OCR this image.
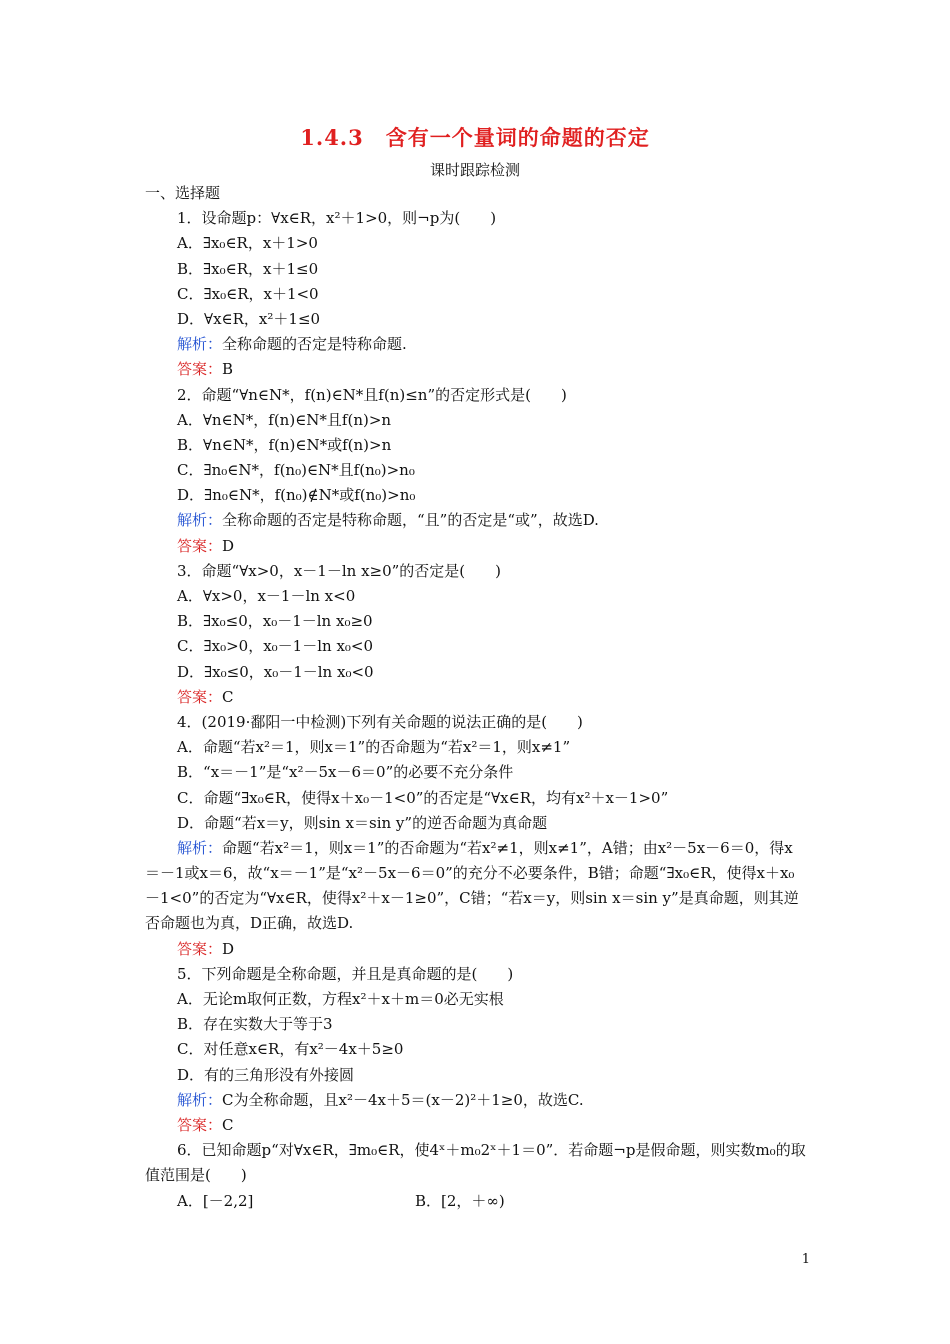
1.4.3　含有一个量词的命题的否定
课时跟踪检测
一、选择题
1．设命题p：∀x∈R，x²＋1>0，则¬p为(　　)
A．∃x₀∈R，x＋1>0
B．∃x₀∈R，x＋1≤0
C．∃x₀∈R，x＋1<0
D．∀x∈R，x²＋1≤0
解析：全称命题的否定是特称命题.
答案：B
2．命题“∀n∈N*，f(n)∈N*且f(n)≤n”的否定形式是(　　)
A．∀n∈N*，f(n)∈N*且f(n)>n
B．∀n∈N*，f(n)∈N*或f(n)>n
C．∃n₀∈N*，f(n₀)∈N*且f(n₀)>n₀
D．∃n₀∈N*，f(n₀)∉N*或f(n₀)>n₀
解析：全称命题的否定是特称命题，“且”的否定是“或”，故选D.
答案：D
3．命题“∀x>0，x－1－ln x≥0”的否定是(　　)
A．∀x>0，x－1－ln x<0
B．∃x₀≤0，x₀－1－ln x₀≥0
C．∃x₀>0，x₀－1－ln x₀<0
D．∃x₀≤0，x₀－1－ln x₀<0
答案：C
4．(2019·鄱阳一中检测)下列有关命题的说法正确的是(　　)
A．命题“若x²＝1，则x＝1”的否命题为“若x²＝1，则x≠1”
B．“x＝－1”是“x²－5x－6＝0”的必要不充分条件
C．命题“∃x₀∈R，使得x＋x₀－1<0”的否定是“∀x∈R，均有x²＋x－1>0”
D．命题“若x＝y，则sin x＝sin y”的逆否命题为真命题
解析：命题“若x²＝1，则x＝1”的否命题为“若x²≠1，则x≠1”，A错；由x²－5x－6＝0，得x＝－1或x＝6，故“x＝－1”是“x²－5x－6＝0”的充分不必要条件，B错；命题“∃x₀∈R，使得x＋x₀－1<0”的否定为“∀x∈R，使得x²＋x－1≥0”，C错；“若x＝y，则sin x＝sin y”是真命题，则其逆否命题也为真，D正确，故选D.
答案：D
5．下列命题是全称命题，并且是真命题的是(　　)
A．无论m取何正数，方程x²＋x＋m＝0必无实根
B．存在实数大于等于3
C．对任意x∈R，有x²－4x＋5≥0
D．有的三角形没有外接圆
解析：C为全称命题，且x²－4x＋5＝(x－2)²＋1≥0，故选C.
答案：C
6．已知命题p“对∀x∈R，∃m₀∈R，使4ˣ＋m₀2ˣ＋1＝0”．若命题¬p是假命题，则实数m₀的取值范围是(　　)
A．[－2,2]	B．[2，＋∞)
1
